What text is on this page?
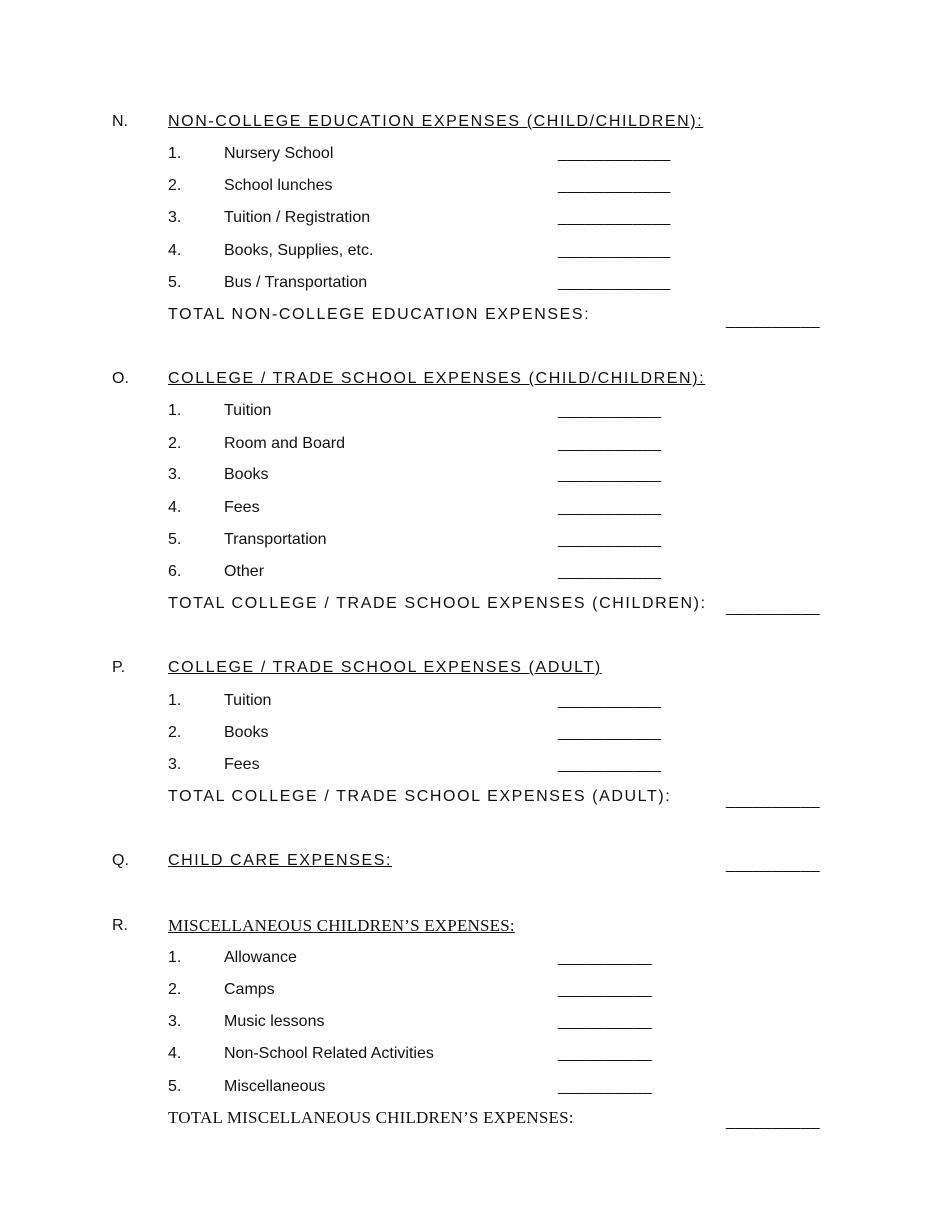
N.	NON-COLLEGE EDUCATION EXPENSES (CHILD/CHILDREN):
1.	Nursery School	____________
2.	School lunches	____________
3.	Tuition / Registration	____________
4.	Books, Supplies, etc.	____________
5.	Bus / Transportation	____________
TOTAL NON-COLLEGE EDUCATION EXPENSES:	__________
O. COLLEGE / TRADE SCHOOL EXPENSES (CHILD/CHILDREN):
1.	Tuition	___________
2.	Room and Board	___________
3.	Books	___________
4.	Fees	___________
5.	Transportation	___________
6.	Other	___________
TOTAL COLLEGE / TRADE SCHOOL EXPENSES (CHILDREN): __________
P.	COLLEGE / TRADE SCHOOL EXPENSES (ADULT)
1.	Tuition	___________
2.	Books	___________
3.	Fees	___________
TOTAL COLLEGE / TRADE SCHOOL EXPENSES (ADULT):	__________
Q. CHILD CARE EXPENSES:	__________
R. MISCELLANEOUS CHILDREN’S EXPENSES:
1.	Allowance	__________
2.	Camps	__________
3.	Music lessons	__________
4.	Non-School Related Activities	__________
5.	Miscellaneous	__________
TOTAL MISCELLANEOUS CHILDREN’S EXPENSES:	__________
